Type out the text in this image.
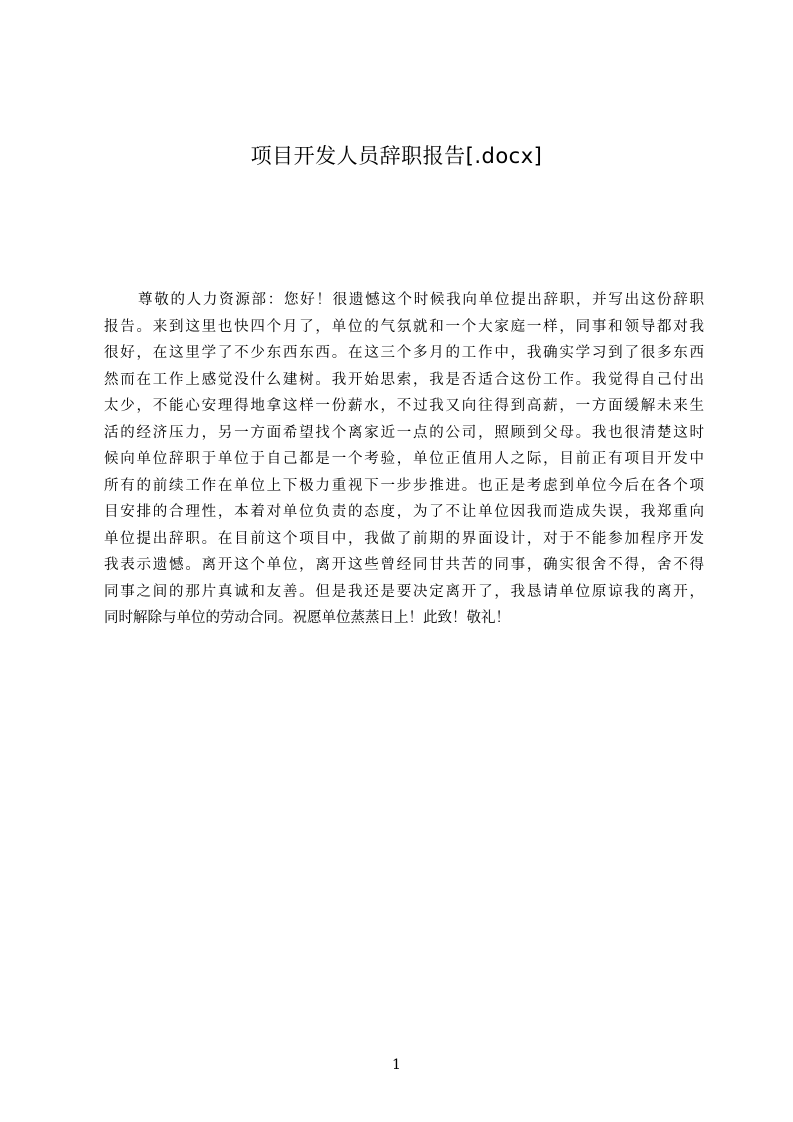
项目开发人员辞职报告[.docx]
尊敬的人力资源部：您好！很遗憾这个时候我向单位提出辞职，并写出这份辞职
报告。来到这里也快四个月了，单位的气氛就和一个大家庭一样，同事和领导都对我
很好，在这里学了不少东西东西。在这三个多月的工作中，我确实学习到了很多东西
然而在工作上感觉没什么建树。我开始思索，我是否适合这份工作。我觉得自己付出
太少，不能心安理得地拿这样一份薪水，不过我又向往得到高薪，一方面缓解未来生
活的经济压力，另一方面希望找个离家近一点的公司，照顾到父母。我也很清楚这时
候向单位辞职于单位于自己都是一个考验，单位正值用人之际，目前正有项目开发中
所有的前续工作在单位上下极力重视下一步步推进。也正是考虑到单位今后在各个项
目安排的合理性，本着对单位负责的态度，为了不让单位因我而造成失误，我郑重向
单位提出辞职。在目前这个项目中，我做了前期的界面设计，对于不能参加程序开发
我表示遗憾。离开这个单位，离开这些曾经同甘共苦的同事，确实很舍不得，舍不得
同事之间的那片真诚和友善。但是我还是要决定离开了，我恳请单位原谅我的离开，
同时解除与单位的劳动合同。祝愿单位蒸蒸日上！此致！敬礼！
1
